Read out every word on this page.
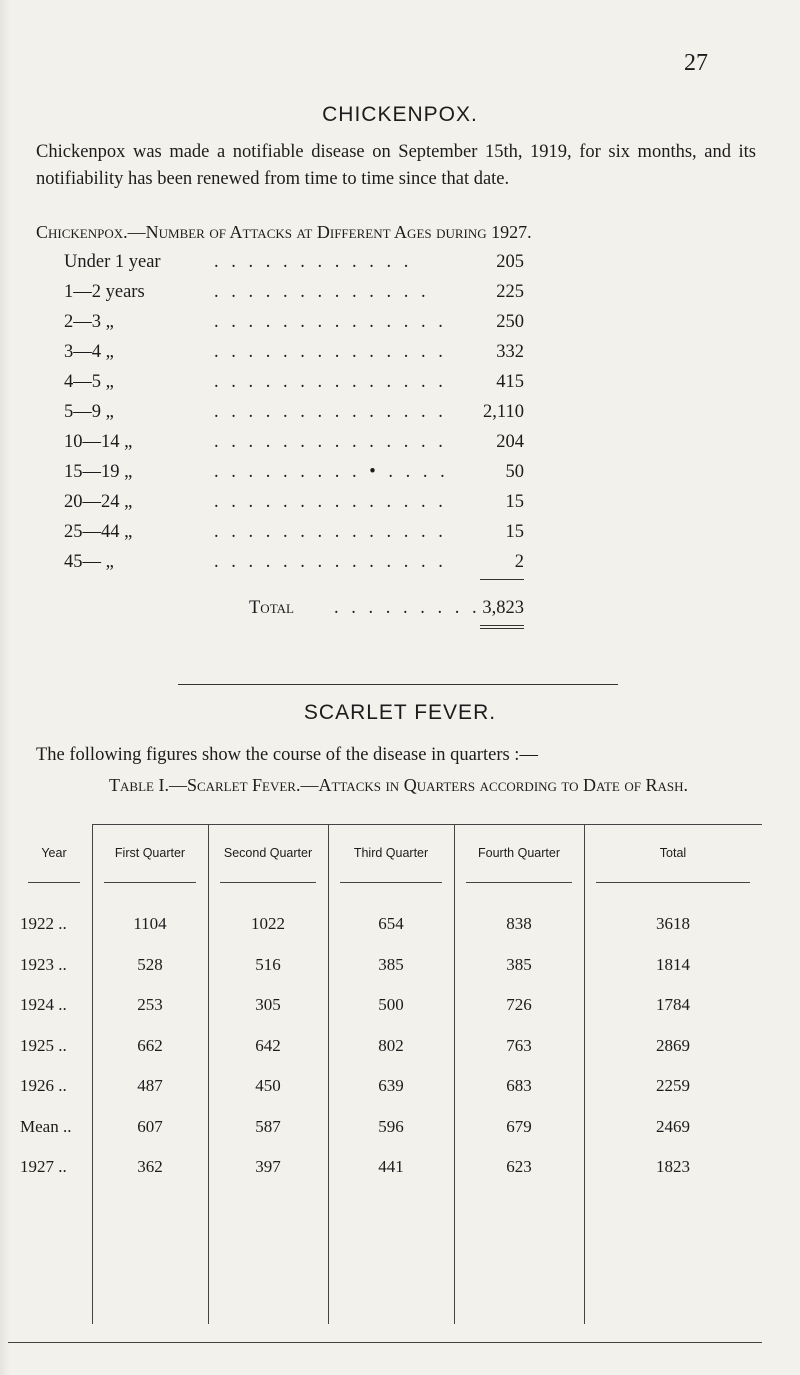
27
CHICKENPOX.
Chickenpox was made a notifiable disease on September 15th, 1919, for six months, and its notifiability has been renewed from time to time since that date.
Chickenpox.—Number of Attacks at Different Ages during 1927.
Under 1 year	. . . . . . . . . . . .	205
1—2 years	. . . . . . . . . . . . .	225
2—3 „	. . . . . . . . . . . . . .	250
3—4 „	. . . . . . . . . . . . . .	332
4—5 „	. . . . . . . . . . . . . .	415
5—9 „	. . . . . . . . . . . . . .	2,110
10—14 „	. . . . . . . . . . . . . .	204
15—19 „	. . . . . . . . . • . . . .	50
20—24 „	. . . . . . . . . . . . . .	15
25—44 „	. . . . . . . . . . . . . .	15
45— „	. . . . . . . . . . . . . .	2
Total . . . . . . . . . 3,823
SCARLET FEVER.
The following figures show the course of the disease in quarters :—
Table I.—Scarlet Fever.—Attacks in Quarters according to Date of Rash.
Year	First Quarter	Second Quarter	Third Quarter	Fourth Quarter	Total
1922 ..	1104	1022	654	838	3618
1923 ..	528	516	385	385	1814
1924 ..	253	305	500	726	1784
1925 ..	662	642	802	763	2869
1926 ..	487	450	639	683	2259
Mean ..	607	587	596	679	2469
1927 ..	362	397	441	623	1823
